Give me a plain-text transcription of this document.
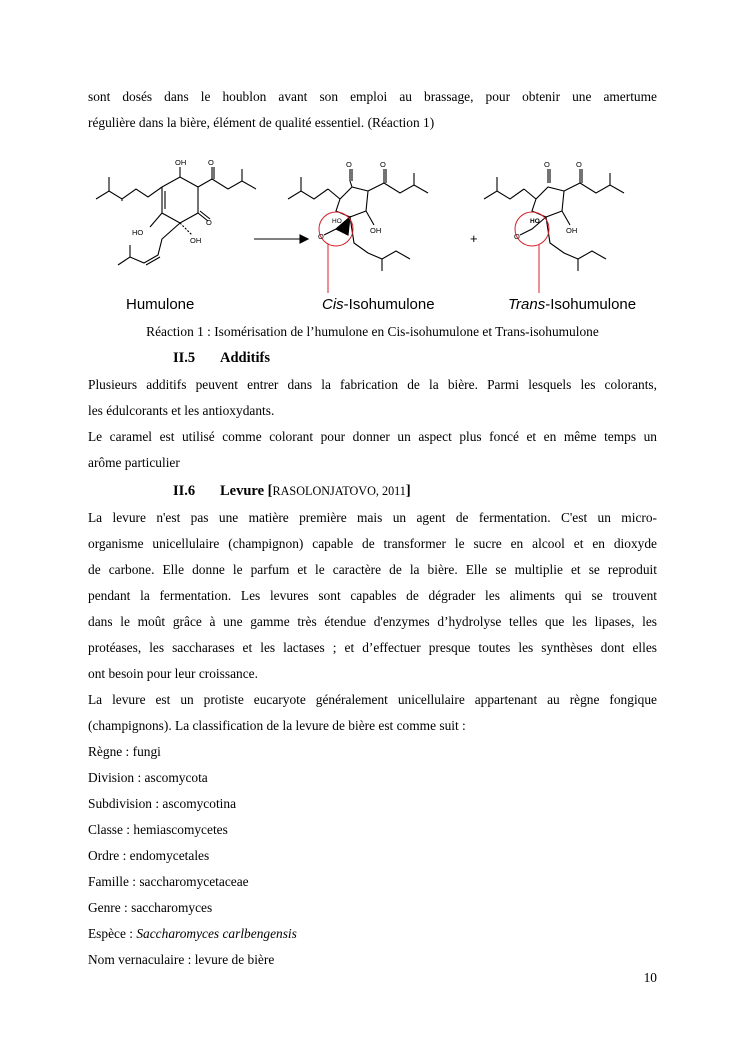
sont dosés dans le houblon avant son emploi au brassage, pour obtenir une amertume

régulière dans la bière, élément de qualité essentiel. (Réaction 1)

OH	O
O
HO
OH
O	O
HO
O
OH
+
O	O
HO
O
OH
Humulone	Cis-Isohumulone	Trans-Isohumulone
Réaction 1 : Isomérisation de l’humulone en Cis-isohumulone et Trans-isohumulone
II.5 Additifs

Plusieurs additifs peuvent entrer dans la fabrication de la bière. Parmi lesquels les colorants,

les édulcorants et les antioxydants.

Le caramel est utilisé comme colorant pour donner un aspect plus foncé et en même temps un

arôme particulier

II.6 Levure [RASOLONJATOVO, 2011]

La levure n'est pas une matière première mais un agent de fermentation. C'est un micro-

organisme unicellulaire (champignon) capable de transformer le sucre en alcool et en dioxyde

de carbone. Elle donne le parfum et le caractère de la bière. Elle se multiplie et se reproduit

pendant la fermentation. Les levures sont capables de dégrader les aliments qui se trouvent

dans le moût grâce à une gamme très étendue d'enzymes d’hydrolyse telles que les lipases, les

protéases, les saccharases et les lactases ; et d’effectuer presque toutes les synthèses dont elles

ont besoin pour leur croissance.

La levure est un protiste eucaryote généralement unicellulaire appartenant au règne fongique

(champignons). La classification de la levure de bière est comme suit :

Règne : fungi

Division : ascomycota

Subdivision : ascomycotina

Classe : hemiascomycetes

Ordre : endomycetales

Famille : saccharomycetaceae

Genre : saccharomyces

Espèce : Saccharomyces carlbengensis

Nom vernaculaire : levure de bière

10
